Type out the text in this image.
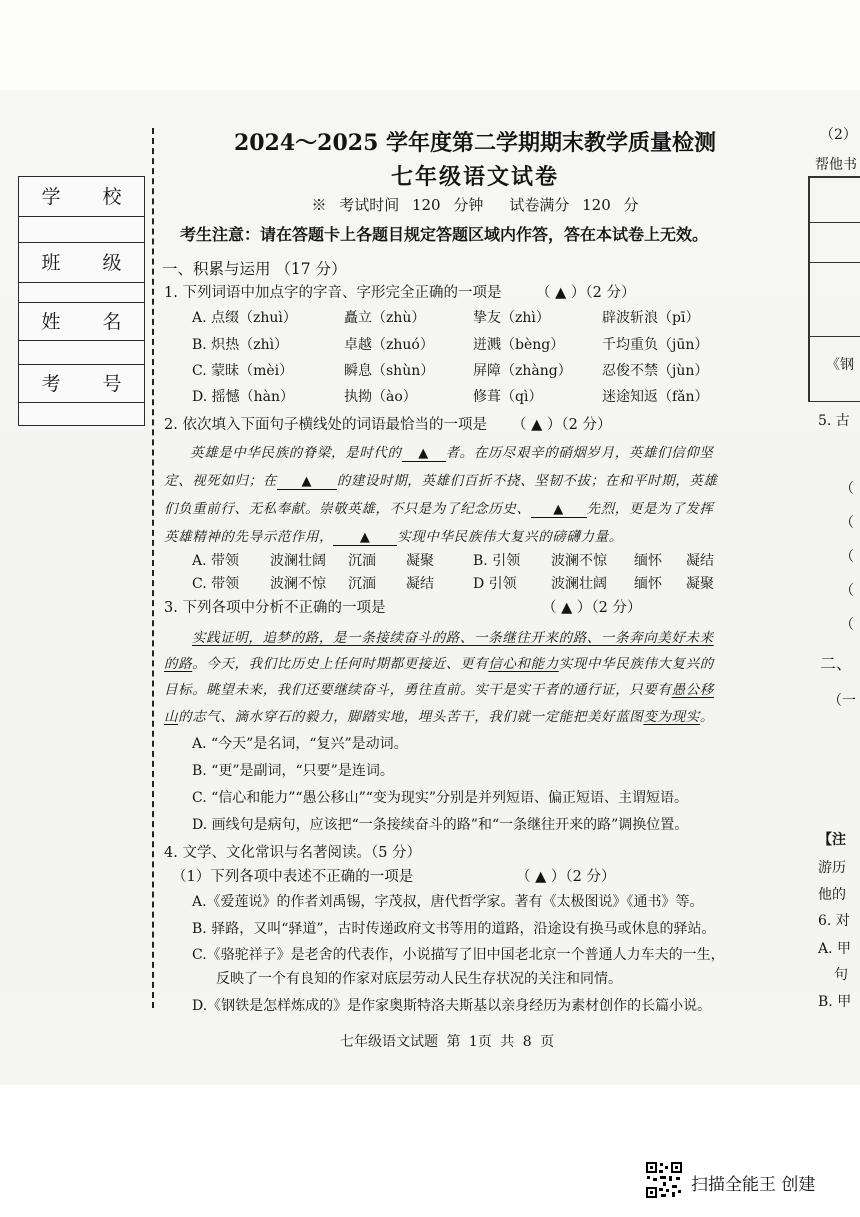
学 校
班 级
姓 名
考 号
2024～2025 学年度第二学期期末教学质量检测
七年级语文试卷
※ 考试时间 120 分钟 试卷满分 120 分
考生注意：请在答题卡上各题目规定答题区域内作答，答在本试卷上无效。
一、积累与运用 （17 分）
1. 下列词语中加点字的字音、字形完全正确的一项是 （ ▲ ）（2 分）
A. 点缀（zhuì）	矗立（zhù）	挚友（zhì）	辟波斩浪（pī）
B. 炽热（zhì）	卓越（zhuó）	迸溅（bèng）	千均重负（jūn）
C. 蒙昧（mèi）	瞬息（shùn）	屏障（zhàng） 忍俊不禁（jùn）
D. 摇憾（hàn）	执拗（ào）	修葺（qì）	迷途知返（fǎn）
2. 依次填入下面句子横线处的词语最恰当的一项是 （ ▲ ）（2 分）
英雄是中华民族的脊梁，是时代的 ▲ 者。在历尽艰辛的硝烟岁月，英雄们信仰坚
定、视死如归；在 ▲ 的建设时期，英雄们百折不挠、坚韧不拔；在和平时期，英雄
们负重前行、无私奉献。崇敬英雄，不只是为了纪念历史、 ▲ 先烈，更是为了发挥
英雄精神的先导示范作用， ▲ 实现中华民族伟大复兴的磅礴力量。
A. 带领 波澜壮阔 沉湎 凝聚	B. 引领 波澜不惊 缅怀 凝结
C. 带领 波澜不惊 沉湎 凝结	D 引领 波澜壮阔 缅怀 凝聚
3. 下列各项中分析不正确的一项是	（ ▲ ）（2 分）
实践证明，追梦的路，是一条接续奋斗的路、一条继往开来的路、一条奔向美好未来
的路。今天，我们比历史上任何时期都更接近、更有信心和能力实现中华民族伟大复兴的
目标。眺望未来，我们还要继续奋斗，勇往直前。实干是实干者的通行证，只要有愚公移
山的志气、滴水穿石的毅力，脚踏实地，埋头苦干，我们就一定能把美好蓝图变为现实。
A. “今天”是名词，“复兴”是动词。
B. “更”是副词，“只要”是连词。
C. “信心和能力”“愚公移山”“变为现实”分别是并列短语、偏正短语、主谓短语。
D. 画线句是病句，应该把“一条接续奋斗的路”和“一条继往开来的路”调换位置。
4. 文学、文化常识与名著阅读。（5 分）
（1）下列各项中表述不正确的一项是	（ ▲ ）（2 分）
A.《爱莲说》的作者刘禹锡，字茂叔，唐代哲学家。著有《太极图说》《通书》等。
B. 驿路，又叫“驿道”，古时传递政府文书等用的道路，沿途设有换马或休息的驿站。
C.《骆驼祥子》是老舍的代表作，小说描写了旧中国老北京一个普通人力车夫的一生，
反映了一个有良知的作家对底层劳动人民生存状况的关注和同情。
D.《钢铁是怎样炼成的》是作家奥斯特洛夫斯基以亲身经历为素材创作的长篇小说。
七年级语文试题 第 1页 共 8 页
扫描全能王 创建
（2）
帮他书
《钢
5. 古
（
（
（
（
（
二、
（一
【注
游历
他的
6. 对
A. 甲
句
B. 甲
